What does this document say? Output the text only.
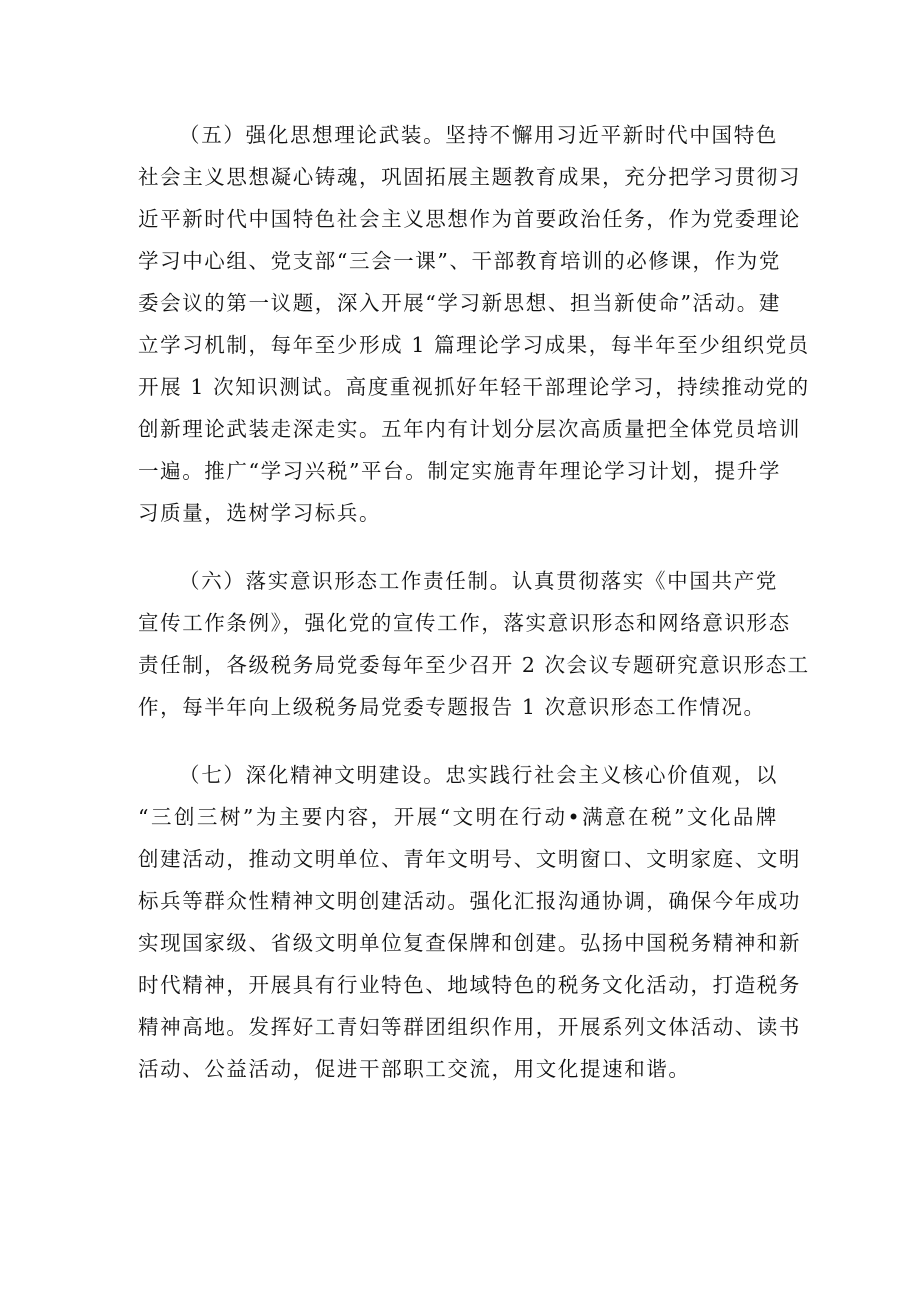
（五）强化思想理论武装。坚持不懈用习近平新时代中国特色
社会主义思想凝心铸魂，巩固拓展主题教育成果，充分把学习贯彻习
近平新时代中国特色社会主义思想作为首要政治任务，作为党委理论
学习中心组、党支部“三会一课”、干部教育培训的必修课，作为党
委会议的第一议题，深入开展“学习新思想、担当新使命”活动。建
立学习机制，每年至少形成 1 篇理论学习成果，每半年至少组织党员
开展 1 次知识测试。高度重视抓好年轻干部理论学习，持续推动党的
创新理论武装走深走实。五年内有计划分层次高质量把全体党员培训
一遍。推广“学习兴税”平台。制定实施青年理论学习计划，提升学
习质量，选树学习标兵。

（六）落实意识形态工作责任制。认真贯彻落实《中国共产党
宣传工作条例》，强化党的宣传工作，落实意识形态和网络意识形态
责任制，各级税务局党委每年至少召开 2 次会议专题研究意识形态工
作，每半年向上级税务局党委专题报告 1 次意识形态工作情况。

（七）深化精神文明建设。忠实践行社会主义核心价值观，以
“三创三树”为主要内容，开展“文明在行动•满意在税”文化品牌
创建活动，推动文明单位、青年文明号、文明窗口、文明家庭、文明
标兵等群众性精神文明创建活动。强化汇报沟通协调，确保今年成功
实现国家级、省级文明单位复查保牌和创建。弘扬中国税务精神和新
时代精神，开展具有行业特色、地域特色的税务文化活动，打造税务
精神高地。发挥好工青妇等群团组织作用，开展系列文体活动、读书
活动、公益活动，促进干部职工交流，用文化提速和谐。
